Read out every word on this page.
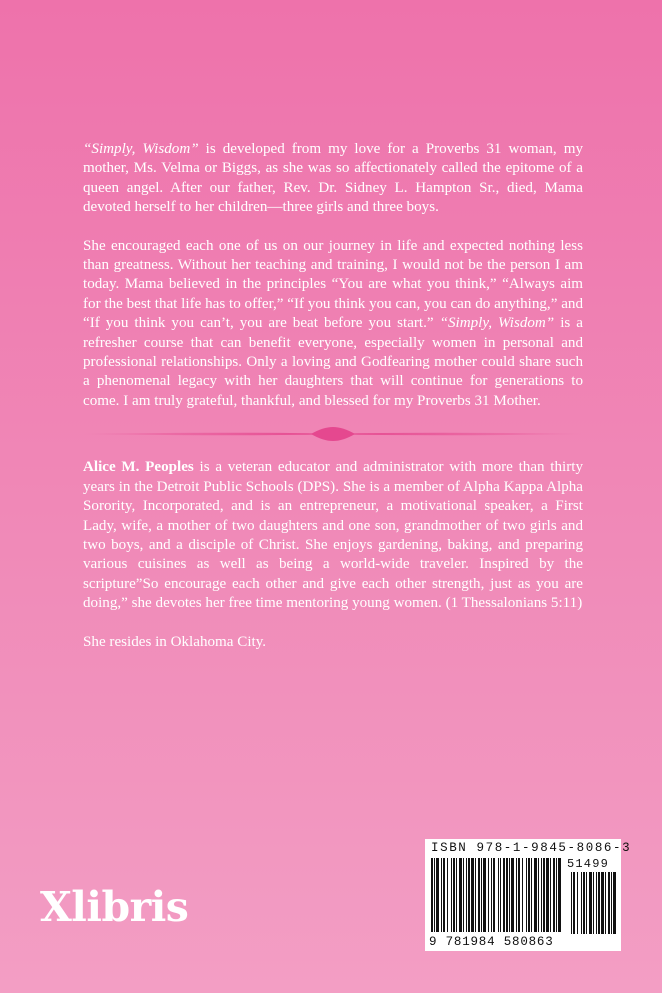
“Simply, Wisdom” is developed from my love for a Proverbs 31 woman, my mother, Ms. Velma or Biggs, as she was so affectionately called the epitome of a queen angel. After our father, Rev. Dr. Sidney L. Hampton Sr., died, Mama devoted herself to her children—three girls and three boys.

She encouraged each one of us on our journey in life and expected nothing less than greatness. Without her teaching and training, I would not be the person I am today. Mama believed in the principles “You are what you think,” “Always aim for the best that life has to offer,” “If you think you can, you can do anything,” and “If you think you can’t, you are beat before you start.” “Simply, Wisdom” is a refresher course that can benefit everyone, especially women in personal and professional relationships. Only a loving and Godfearing mother could share such a phenomenal legacy with her daughters that will continue for generations to come. I am truly grateful, thankful, and blessed for my Proverbs 31 Mother.

Alice M. Peoples is a veteran educator and administrator with more than thirty years in the Detroit Public Schools (DPS). She is a member of Alpha Kappa Alpha Sorority, Incorporated, and is an entrepreneur, a motivational speaker, a First Lady, wife, a mother of two daughters and one son, grandmother of two girls and two boys, and a disciple of Christ. She enjoys gardening, baking, and preparing various cuisines as well as being a world-wide traveler. Inspired by the scripture”So encourage each other and give each other strength, just as you are doing,” she devotes her free time mentoring young women. (1 Thessalonians 5:11)

She resides in Oklahoma City.

Xlibris
ISBN 978-1-9845-8086-3
51499
9 781984 580863
